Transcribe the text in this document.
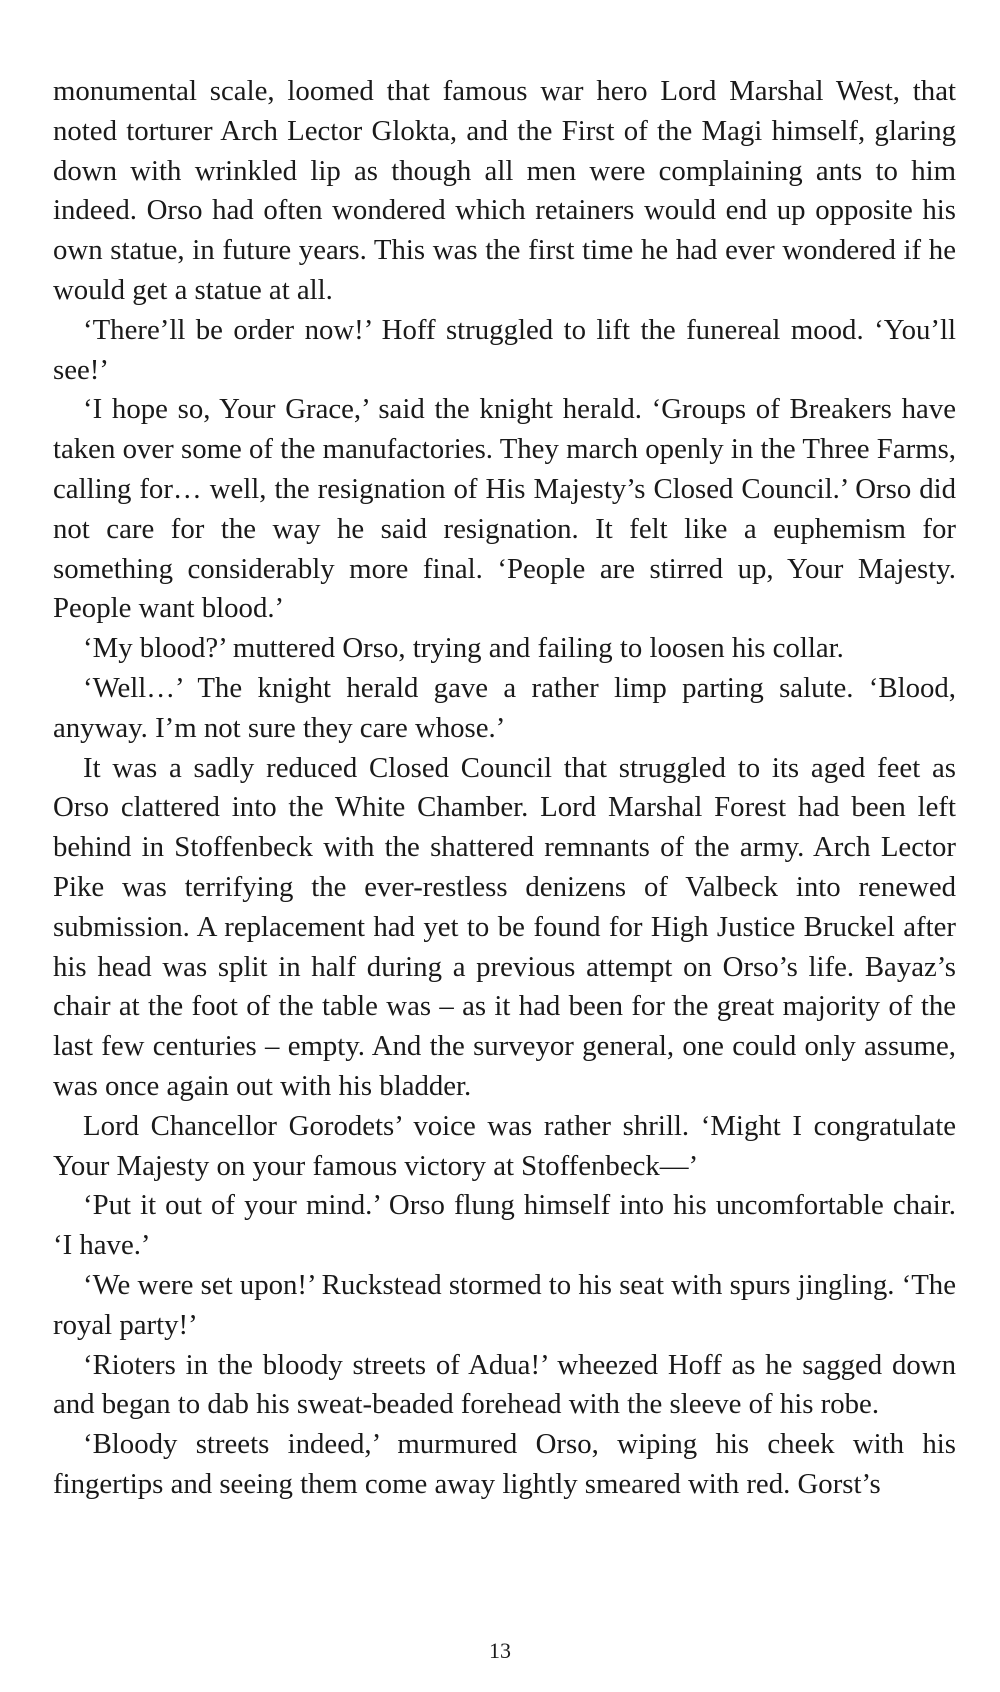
monumental scale, loomed that famous war hero Lord Marshal West, that noted torturer Arch Lector Glokta, and the First of the Magi himself, glaring down with wrinkled lip as though all men were complaining ants to him indeed. Orso had often wondered which retainers would end up opposite his own statue, in future years. This was the first time he had ever wondered if he would get a statue at all.

‘There’ll be order now!’ Hoff struggled to lift the funereal mood. ‘You’ll see!’

‘I hope so, Your Grace,’ said the knight herald. ‘Groups of Breakers have taken over some of the manufactories. They march openly in the Three Farms, calling for… well, the resignation of His Majesty’s Closed Council.’ Orso did not care for the way he said resignation. It felt like a euphemism for something considerably more final. ‘People are stirred up, Your Majesty. People want blood.’

‘My blood?’ muttered Orso, trying and failing to loosen his collar.

‘Well…’ The knight herald gave a rather limp parting salute. ‘Blood, anyway. I’m not sure they care whose.’

It was a sadly reduced Closed Council that struggled to its aged feet as Orso clattered into the White Chamber. Lord Marshal Forest had been left behind in Stoffenbeck with the shattered remnants of the army. Arch Lector Pike was terrifying the ever-restless denizens of Valbeck into renewed submission. A replacement had yet to be found for High Justice Bruckel after his head was split in half during a previous attempt on Orso’s life. Bayaz’s chair at the foot of the table was – as it had been for the great majority of the last few centuries – empty. And the surveyor general, one could only assume, was once again out with his bladder.

Lord Chancellor Gorodets’ voice was rather shrill. ‘Might I congratulate Your Majesty on your famous victory at Stoffenbeck—’

‘Put it out of your mind.’ Orso flung himself into his uncomfortable chair. ‘I have.’

‘We were set upon!’ Ruckstead stormed to his seat with spurs jingling. ‘The royal party!’

‘Rioters in the bloody streets of Adua!’ wheezed Hoff as he sagged down and began to dab his sweat-beaded forehead with the sleeve of his robe.

‘Bloody streets indeed,’ murmured Orso, wiping his cheek with his fingertips and seeing them come away lightly smeared with red. Gorst’s

13
